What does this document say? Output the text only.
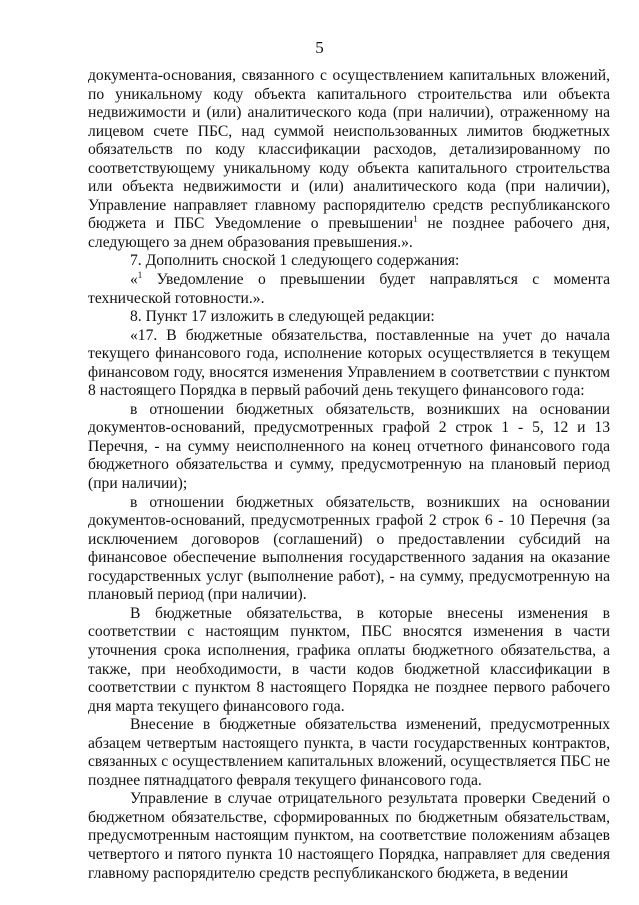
5

документа-основания, связанного с осуществлением капитальных вложений, по уникальному коду объекта капитального строительства или объекта недвижимости и (или) аналитического кода (при наличии), отраженному на лицевом счете ПБС, над суммой неиспользованных лимитов бюджетных обязательств по коду классификации расходов, детализированному по соответствующему уникальному коду объекта капитального строительства или объекта недвижимости и (или) аналитического кода (при наличии), Управление направляет главному распорядителю средств республиканского бюджета и ПБС Уведомление о превышении$^1$ не позднее рабочего дня, следующего за днем образования превышения.».

7. Дополнить сноской 1 следующего содержания:

«$^1$ Уведомление о превышении будет направляться с момента технической готовности.».

8. Пункт 17 изложить в следующей редакции:

«17. В бюджетные обязательства, поставленные на учет до начала текущего финансового года, исполнение которых осуществляется в текущем финансовом году, вносятся изменения Управлением в соответствии с пунктом 8 настоящего Порядка в первый рабочий день текущего финансового года:

в отношении бюджетных обязательств, возникших на основании документов-оснований, предусмотренных графой 2 строк 1 - 5, 12 и 13 Перечня, - на сумму неисполненного на конец отчетного финансового года бюджетного обязательства и сумму, предусмотренную на плановый период (при наличии);

в отношении бюджетных обязательств, возникших на основании документов-оснований, предусмотренных графой 2 строк 6 - 10 Перечня (за исключением договоров (соглашений) о предоставлении субсидий на финансовое обеспечение выполнения государственного задания на оказание государственных услуг (выполнение работ), - на сумму, предусмотренную на плановый период (при наличии).

В бюджетные обязательства, в которые внесены изменения в соответствии с настоящим пунктом, ПБС вносятся изменения в части уточнения срока исполнения, графика оплаты бюджетного обязательства, а также, при необходимости, в части кодов бюджетной классификации в соответствии с пунктом 8 настоящего Порядка не позднее первого рабочего дня марта текущего финансового года.

Внесение в бюджетные обязательства изменений, предусмотренных абзацем четвертым настоящего пункта, в части государственных контрактов, связанных с осуществлением капитальных вложений, осуществляется ПБС не позднее пятнадцатого февраля текущего финансового года.

Управление в случае отрицательного результата проверки Сведений о бюджетном обязательстве, сформированных по бюджетным обязательствам, предусмотренным настоящим пунктом, на соответствие положениям абзацев четвертого и пятого пункта 10 настоящего Порядка, направляет для сведения главному распорядителю средств республиканского бюджета, в ведении
